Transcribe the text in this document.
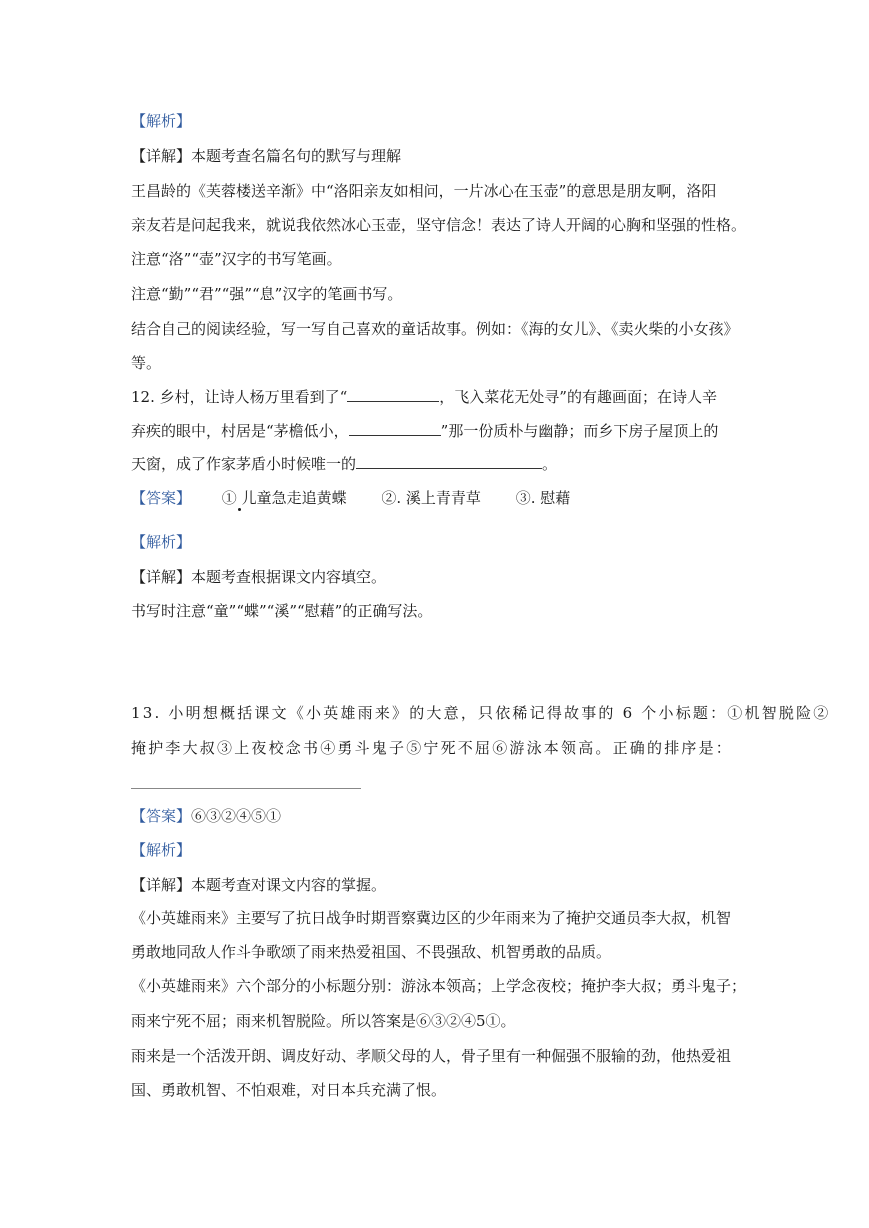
【解析】
【详解】本题考查名篇名句的默写与理解
王昌龄的《芙蓉楼送辛渐》中“洛阳亲友如相问，一片冰心在玉壶”的意思是朋友啊，洛阳
亲友若是问起我来，就说我依然冰心玉壶，坚守信念！表达了诗人开阔的心胸和坚强的性格。
注意“洛”“壶”汉字的书写笔画。
注意“勤”“君”“强”“息”汉字的笔画书写。
结合自己的阅读经验，写一写自己喜欢的童话故事。例如：《海的女儿》、《卖火柴的小女孩》
等。
12. 乡村，让诗人杨万里看到了“	，飞入菜花无处寻”的有趣画面；在诗人辛
弃疾的眼中，村居是“茅檐低小，	”那一份质朴与幽静；而乡下房子屋顶上的
天窗，成了作家茅盾小时候唯一的	。
【答案】 ① 儿童急走追黄蝶 ②. 溪上青青草 ③. 慰藉
【解析】
【详解】本题考查根据课文内容填空。
书写时注意“童”“蝶”“溪”“慰藉”的正确写法。
13. 小明想概括课文《小英雄雨来》的大意，只依稀记得故事的 6 个小标题：①机智脱险②
掩护李大叔③上夜校念书④勇斗鬼子⑤宁死不屈⑥游泳本领高。正确的排序是：
【答案】⑥③②④⑤①
【解析】
【详解】本题考查对课文内容的掌握。
《小英雄雨来》主要写了抗日战争时期晋察冀边区的少年雨来为了掩护交通员李大叔，机智
勇敢地同敌人作斗争歌颂了雨来热爱祖国、不畏强敌、机智勇敢的品质。
《小英雄雨来》六个部分的小标题分别：游泳本领高；上学念夜校；掩护李大叔；勇斗鬼子；
雨来宁死不屈；雨来机智脱险。所以答案是⑥③②④5①。
雨来是一个活泼开朗、调皮好动、孝顺父母的人，骨子里有一种倔强不服输的劲，他热爱祖
国、勇敢机智、不怕艰难，对日本兵充满了恨。
